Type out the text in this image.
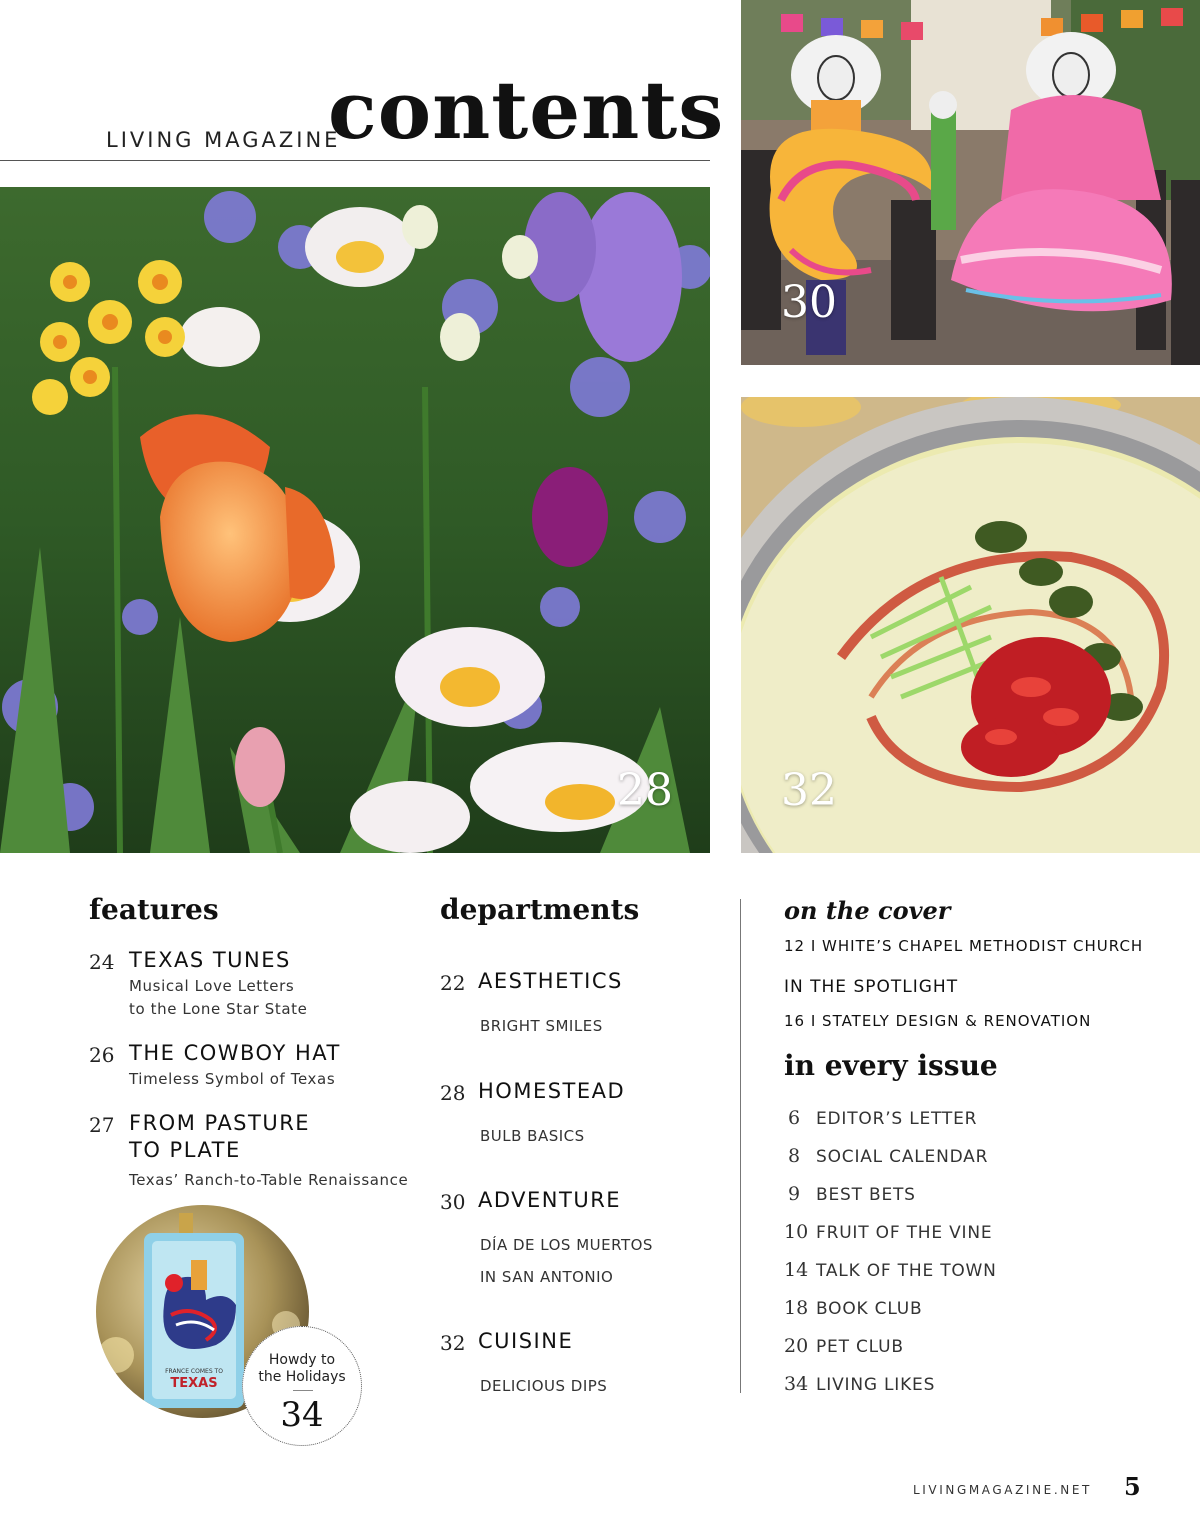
LIVING MAGAZINE
contents
28
30
32
features
24 TEXAS TUNES
Musical Love Letters
to the Lone Star State
26 THE COWBOY HAT
Timeless Symbol of Texas
27 FROM PASTURE
TO PLATE
Texas’ Ranch-to-Table Renaissance
FRANCE COMES TO
TEXAS
Howdy to
the Holidays
34
departments
22 AESTHETICS
BRIGHT SMILES
28 HOMESTEAD
BULB BASICS
30 ADVENTURE
DÍA DE LOS MUERTOS
IN SAN ANTONIO
32 CUISINE
DELICIOUS DIPS
on the cover
12 I WHITE’S CHAPEL METHODIST CHURCH
IN THE SPOTLIGHT
16 I STATELY DESIGN & RENOVATION
in every issue
6 EDITOR’S LETTER
8 SOCIAL CALENDAR
9 BEST BETS
10 FRUIT OF THE VINE
14 TALK OF THE TOWN
18 BOOK CLUB
20 PET CLUB
34 LIVING LIKES
LIVINGMAGAZINE.NET 5
